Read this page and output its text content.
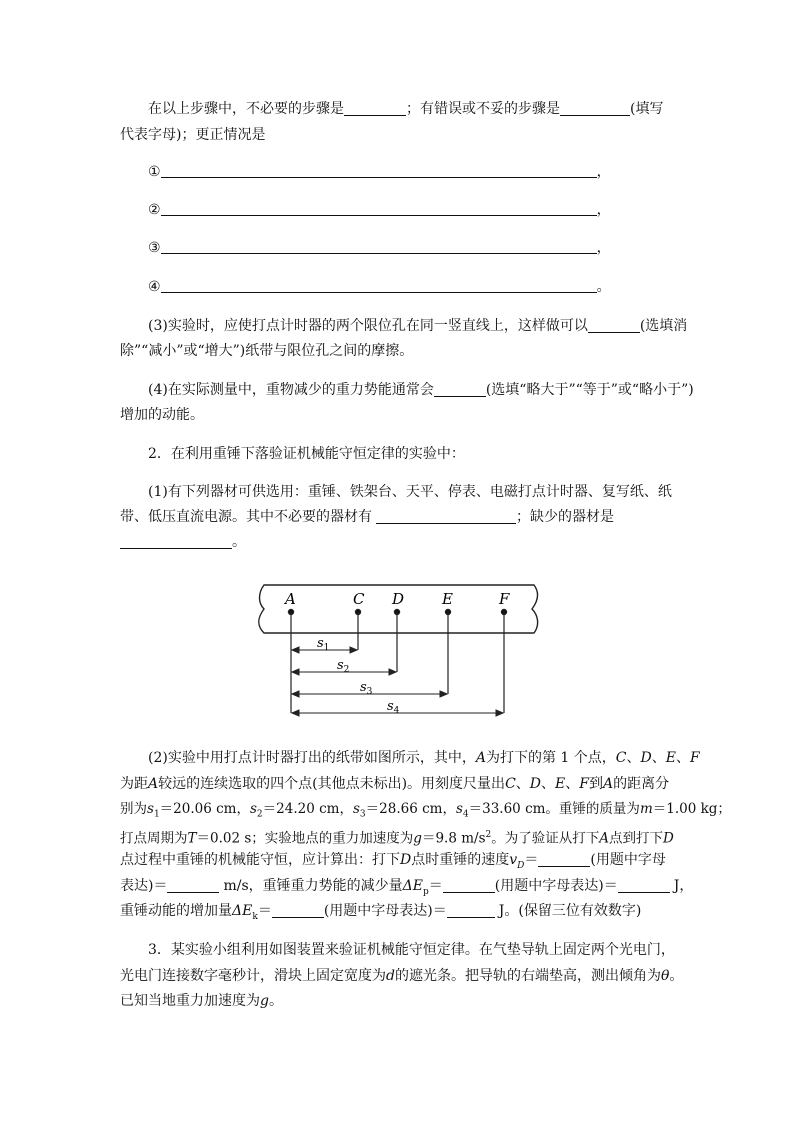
在以上步骤中，不必要的步骤是	；有错误或不妥的步骤是	(填写
代表字母)；更正情况是
①	，
②	，
③	，
④	。
(3)实验时，应使打点计时器的两个限位孔在同一竖直线上，这样做可以	(选填消
除”“减小”或“增大”)纸带与限位孔之间的摩擦。
(4)在实际测量中，重物减少的重力势能通常会	(选填“略大于”“等于”或“略小于”)
增加的动能。
2．在利用重锤下落验证机械能守恒定律的实验中：
(1)有下列器材可供选用：重锤、铁架台、天平、停表、电磁打点计时器、复写纸、纸
带、低压直流电源。其中不必要的器材有	；缺少的器材是
。
A	C D	E	F
$s_1$
$s_2$
$s_3$
$s_4$
(2)实验中用打点计时器打出的纸带如图所示，其中，A为打下的第 1 个点，C、D、E、F
为距A较远的连续选取的四个点(其他点未标出)。用刻度尺量出C、D、E、F到A的距离分
别为$s_1=20.06$ cm，$s_2=24.20$ cm，$s_3=28.66$ cm，$s_4=33.60$ cm。重锤的质量为m＝1.00 kg；
打点周期为T＝0.02 s；实验地点的重力加速度为g＝9.8 $m/s^2$。为了验证从打下A点到打下D
点过程中重锤的机械能守恒，应计算出：打下D点时重锤的速度$v_D=$	(用题中字母
表达)＝	m/s，重锤重力势能的减少量$\Delta E_p=$	(用题中字母表达)＝	J，
重锤动能的增加量$\Delta E_k=$	(用题中字母表达)＝	J。(保留三位有效数字)
3．某实验小组利用如图装置来验证机械能守恒定律。在气垫导轨上固定两个光电门，
光电门连接数字毫秒计，滑块上固定宽度为d的遮光条。把导轨的右端垫高，测出倾角为θ。
已知当地重力加速度为g。
